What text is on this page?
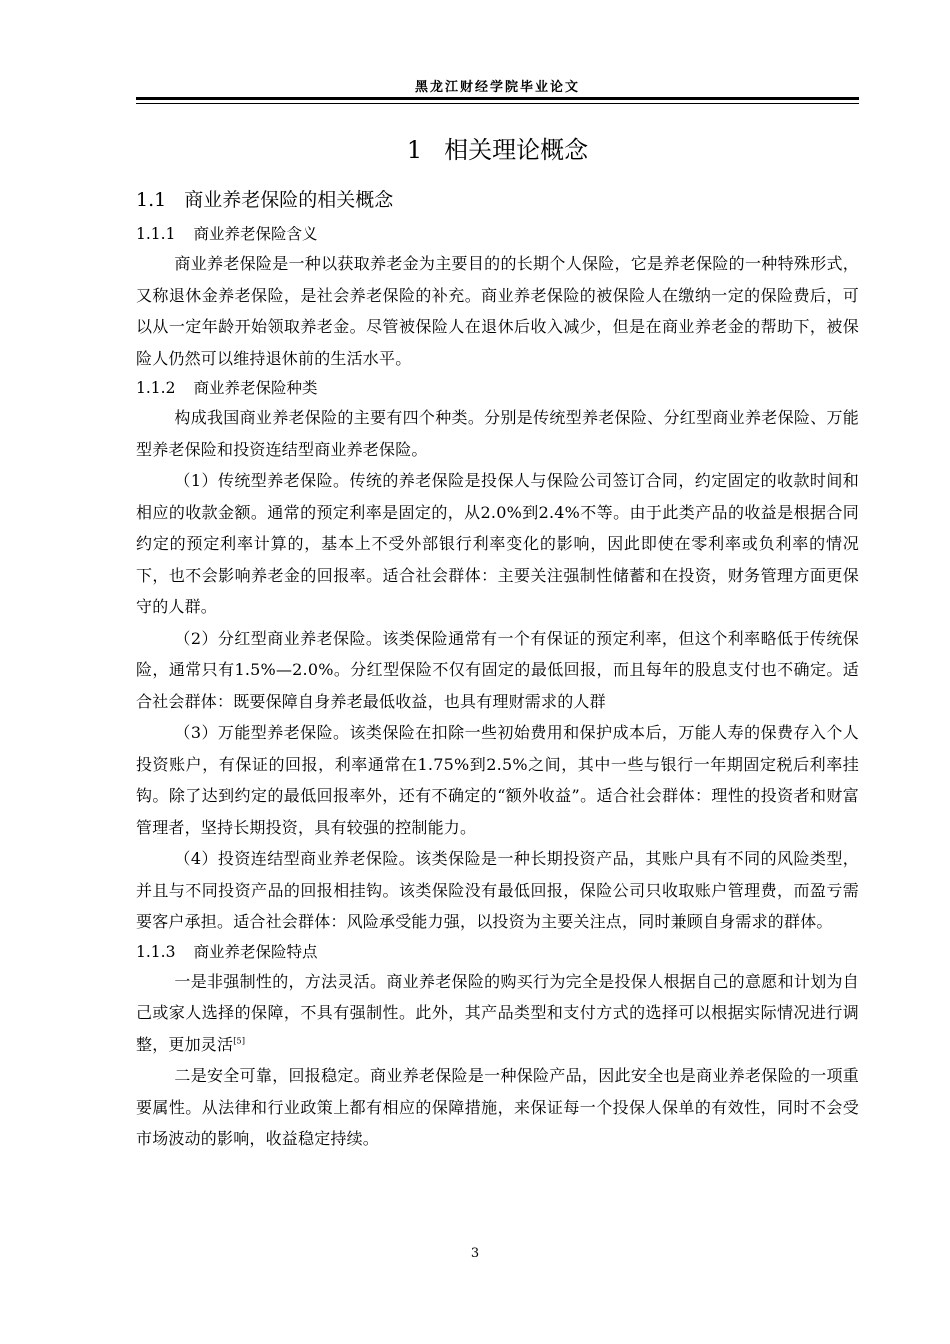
黑龙江财经学院毕业论文
1 相关理论概念
1.1 商业养老保险的相关概念
1.1.1 商业养老保险含义

商业养老保险是一种以获取养老金为主要目的的长期个人保险，它是养老保险的一种特殊形式，又称退休金养老保险，是社会养老保险的补充。商业养老保险的被保险人在缴纳一定的保险费后，可以从一定年龄开始领取养老金。尽管被保险人在退休后收入减少，但是在商业养老金的帮助下，被保险人仍然可以维持退休前的生活水平。

1.1.2 商业养老保险种类

构成我国商业养老保险的主要有四个种类。分别是传统型养老保险、分红型商业养老保险、万能型养老保险和投资连结型商业养老保险。

（1）传统型养老保险。传统的养老保险是投保人与保险公司签订合同，约定固定的收款时间和相应的收款金额。通常的预定利率是固定的，从2.0%到2.4%不等。由于此类产品的收益是根据合同约定的预定利率计算的，基本上不受外部银行利率变化的影响，因此即使在零利率或负利率的情况下，也不会影响养老金的回报率。适合社会群体：主要关注强制性储蓄和在投资，财务管理方面更保守的人群。

（2）分红型商业养老保险。该类保险通常有一个有保证的预定利率，但这个利率略低于传统保险，通常只有1.5%—2.0%。分红型保险不仅有固定的最低回报，而且每年的股息支付也不确定。适合社会群体：既要保障自身养老最低收益，也具有理财需求的人群

（3）万能型养老保险。该类保险在扣除一些初始费用和保护成本后，万能人寿的保费存入个人投资账户，有保证的回报，利率通常在1.75%到2.5%之间，其中一些与银行一年期固定税后利率挂钩。除了达到约定的最低回报率外，还有不确定的“额外收益”。适合社会群体：理性的投资者和财富管理者，坚持长期投资，具有较强的控制能力。

（4）投资连结型商业养老保险。该类保险是一种长期投资产品，其账户具有不同的风险类型，并且与不同投资产品的回报相挂钩。该类保险没有最低回报，保险公司只收取账户管理费，而盈亏需要客户承担。适合社会群体：风险承受能力强，以投资为主要关注点，同时兼顾自身需求的群体。

1.1.3 商业养老保险特点

一是非强制性的，方法灵活。商业养老保险的购买行为完全是投保人根据自己的意愿和计划为自己或家人选择的保障，不具有强制性。此外，其产品类型和支付方式的选择可以根据实际情况进行调整，更加灵活[5]

二是安全可靠，回报稳定。商业养老保险是一种保险产品，因此安全也是商业养老保险的一项重要属性。从法律和行业政策上都有相应的保障措施，来保证每一个投保人保单的有效性，同时不会受市场波动的影响，收益稳定持续。

3
